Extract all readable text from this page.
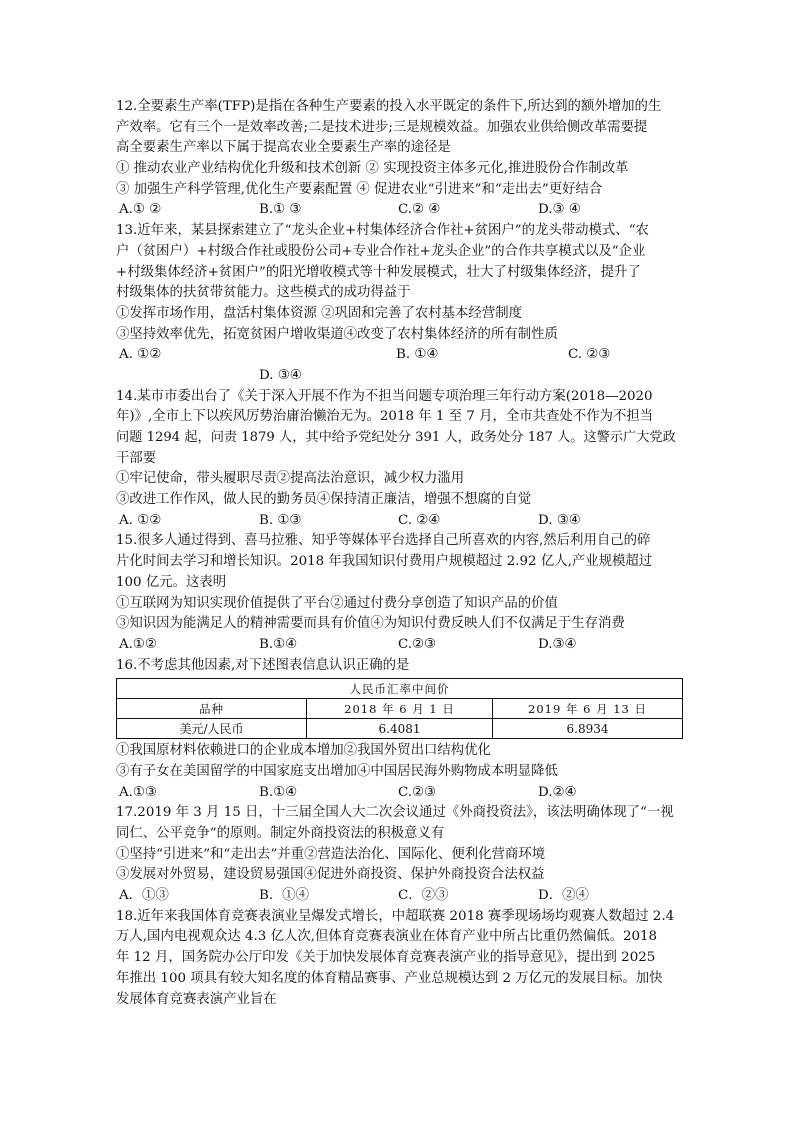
12.全要素生产率(TFP)是指在各种生产要素的投入水平既定的条件下,所达到的额外增加的生
产效率。它有三个一是效率改善;二是技术进步;三是规模效益。加强农业供给侧改革需要提
高全要素生产率以下属于提高农业全要素生产率的途径是
① 推动农业产业结构优化升级和技术创新 ② 实现投资主体多元化,推进股份合作制改革
③ 加强生产科学管理,优化生产要素配置 ④ 促进农业“引进来”和“走出去”更好结合
A.① ②	B.① ③	C.② ④	D.③ ④
13.近年来，某县探索建立了“龙头企业+村集体经济合作社+贫困户”的龙头带动模式、“农
户（贫困户）+村级合作社或股份公司+专业合作社+龙头企业”的合作共享模式以及“企业
+村级集体经济+贫困户”的阳光增收模式等十种发展模式，壮大了村级集体经济，提升了
村级集体的扶贫带贫能力。这些模式的成功得益于
①发挥市场作用，盘活村集体资源 ②巩固和完善了农村基本经营制度
③坚持效率优先，拓宽贫困户增收渠道④改变了农村集体经济的所有制性质
A. ①②	B. ①④	C. ②③
D. ③④
14.某市市委出台了《关于深入开展不作为不担当问题专项治理三年行动方案(2018—2020
年)》,全市上下以疾风厉势治庸治懒治无为。2018 年 1 至 7 月，全市共查处不作为不担当
问题 1294 起，问责 1879 人，其中给予党纪处分 391 人，政务处分 187 人。这警示广大党政
干部要
①牢记使命，带头履职尽责②提高法治意识，减少权力滥用
③改进工作作风，做人民的勤务员④保持清正廉洁，增强不想腐的自觉
A. ①②	B. ①③	C. ②④	D. ③④
15.很多人通过得到、喜马拉雅、知乎等媒体平台选择自己所喜欢的内容,然后利用自己的碎
片化时间去学习和增长知识。2018 年我国知识付费用户规模超过 2.92 亿人,产业规模超过
100 亿元。这表明
①互联网为知识实现价值提供了平台②通过付费分享创造了知识产品的价值
③知识因为能满足人的精神需要而具有价值④为知识付费反映人们不仅满足于生存消费
A.①②	B.①④	C.②③	D.③④
16.不考虑其他因素,对下述图表信息认识正确的是
人民币汇率中间价		
品种	2018 年 6 月 1 日	2019 年 6 月 13 日
美元/人民币	6.4081	6.8934
①我国原材料依赖进口的企业成本增加②我国外贸出口结构优化
③有子女在美国留学的中国家庭支出增加④中国居民海外购物成本明显降低
A.①③	B.①④	C.②③	D.②④
17.2019 年 3 月 15 日，十三届全国人大二次会议通过《外商投资法》，该法明确体现了“一视
同仁、公平竞争”的原则。制定外商投资法的积极意义有
①坚持“引进来”和“走出去”并重②营造法治化、国际化、便利化营商环境
③发展对外贸易，建设贸易强国④促进外商投资、保护外商投资合法权益
A．①③	B．①④	C．②③	D．②④
18.近年来我国体育竞赛表演业呈爆发式增长，中超联赛 2018 赛季现场场均观赛人数超过 2.4
万人,国内电视观众达 4.3 亿人次,但体育竞赛表演业在体育产业中所占比重仍然偏低。2018
年 12 月，国务院办公厅印发《关于加快发展体育竞赛表演产业的指导意见》，提出到 2025
年推出 100 项具有较大知名度的体育精品赛事、产业总规模达到 2 万亿元的发展目标。加快
发展体育竞赛表演产业旨在
